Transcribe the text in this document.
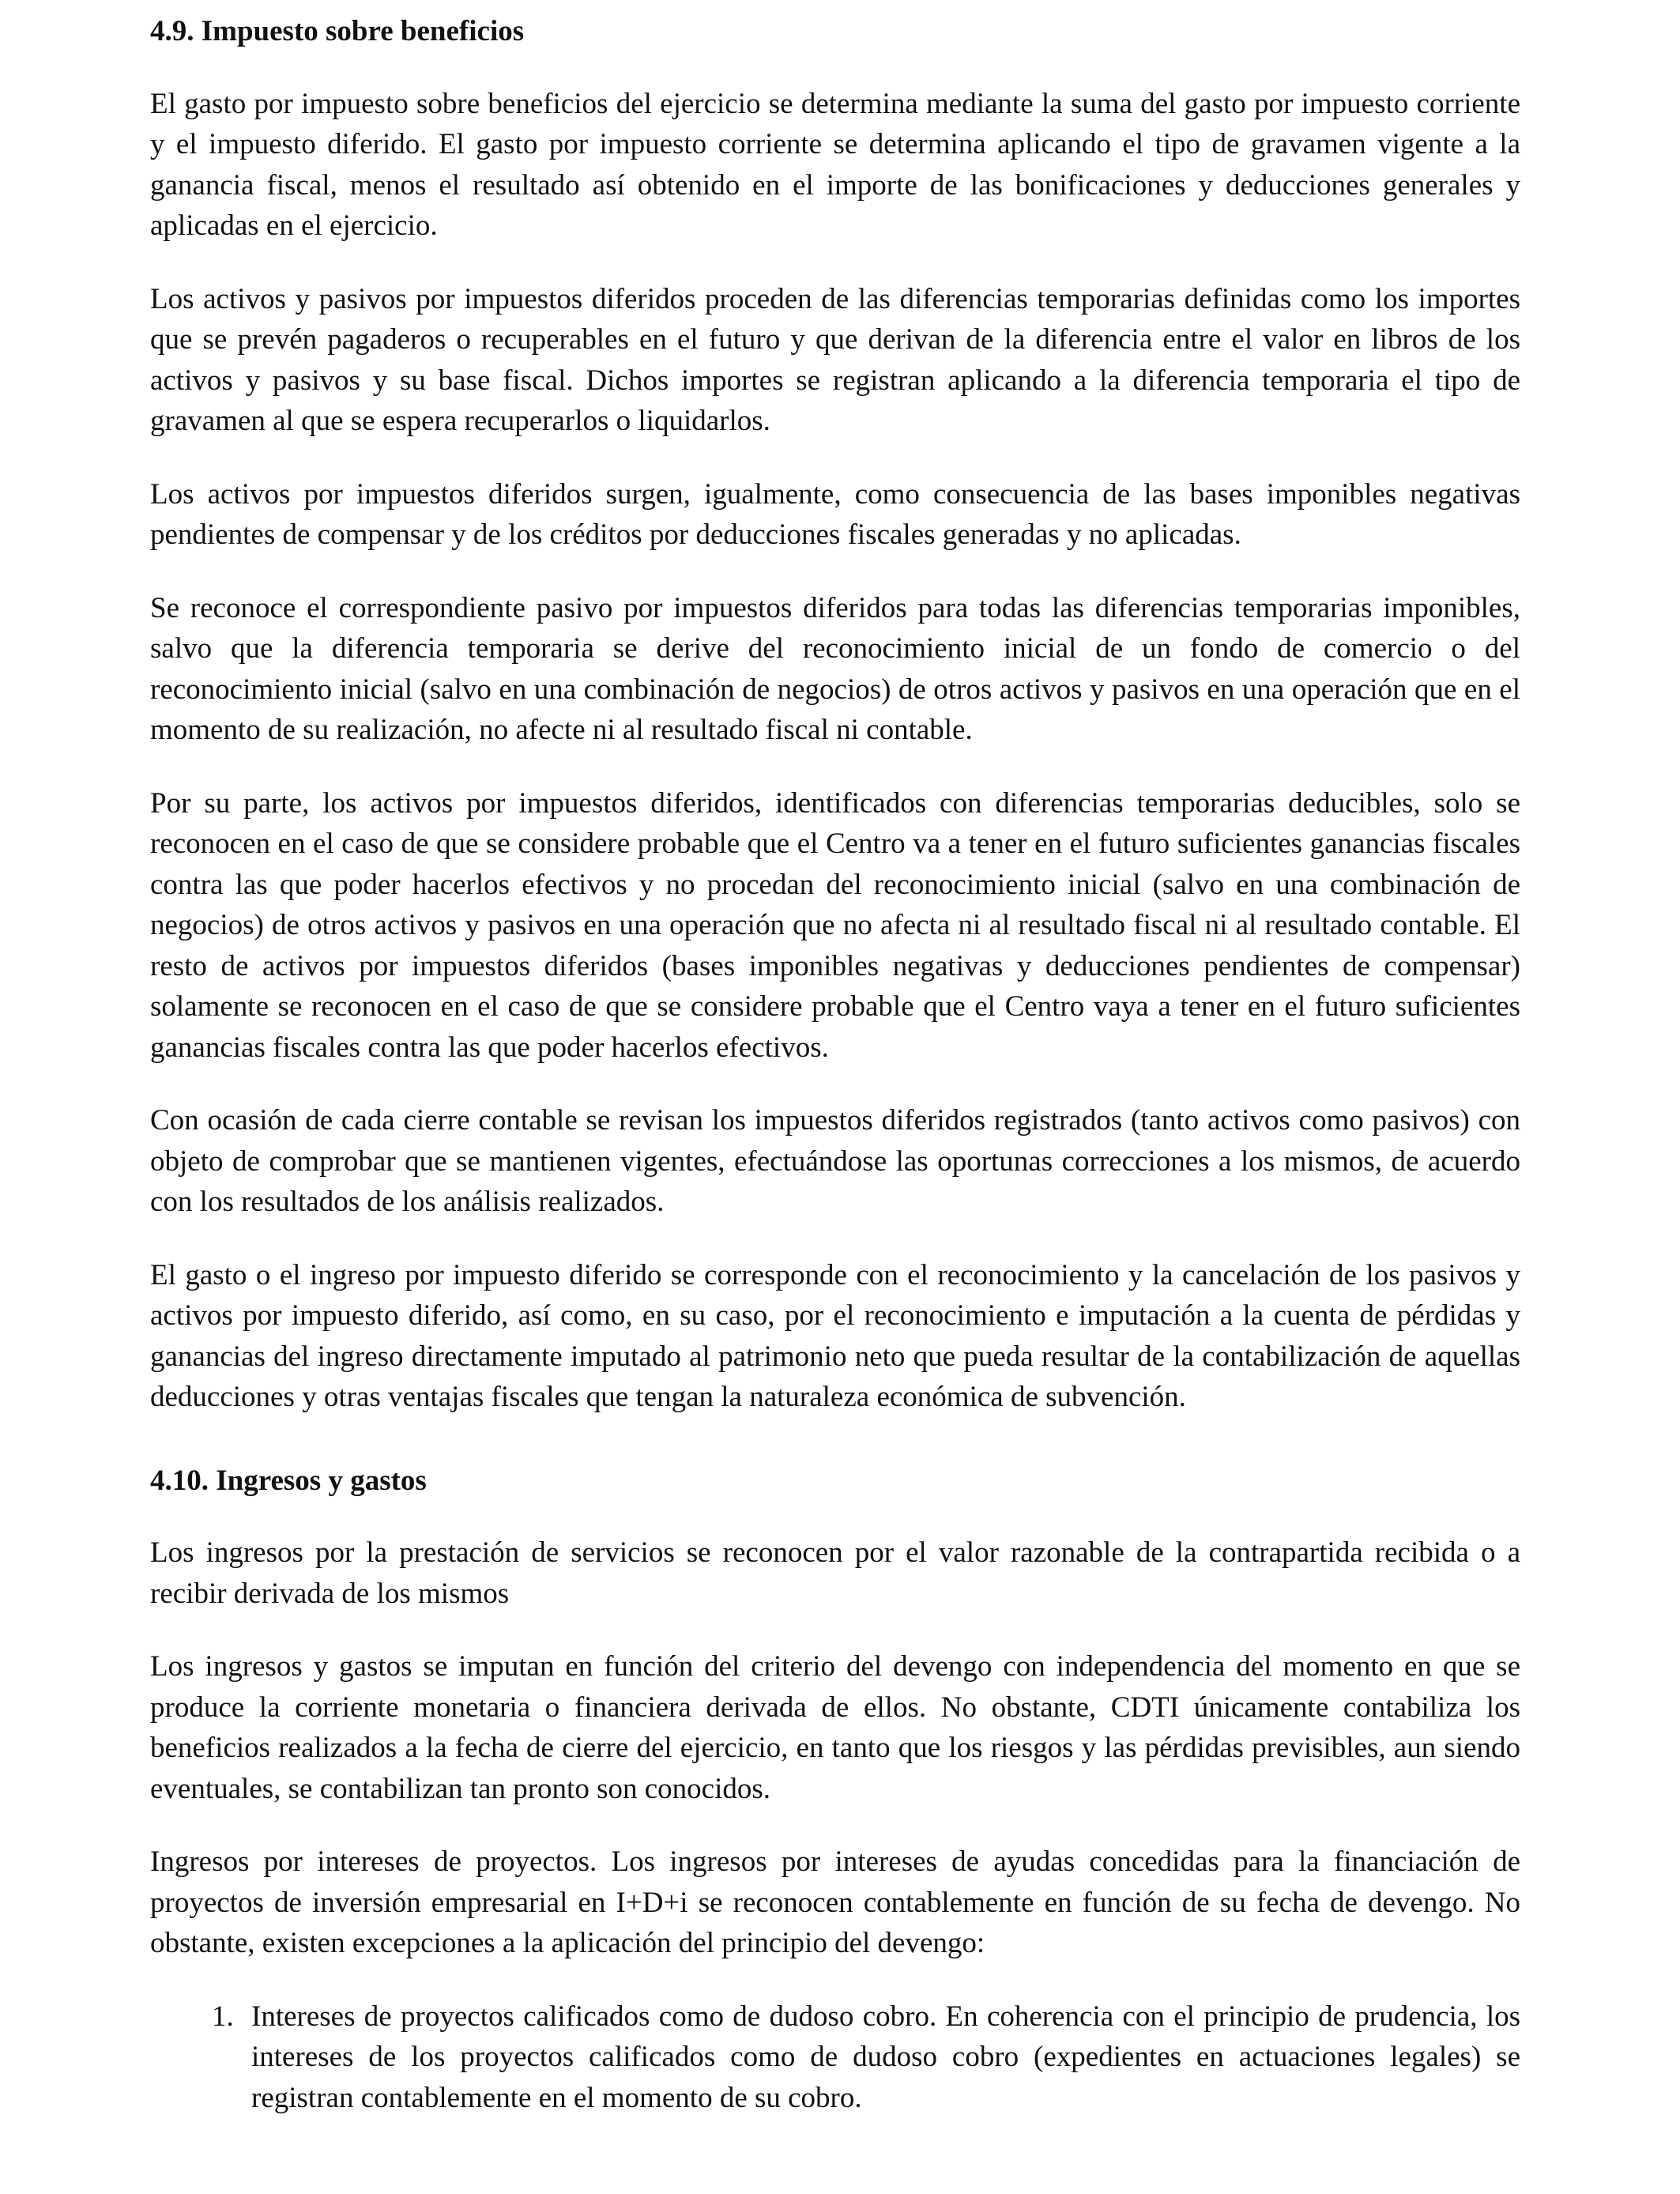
4.9. Impuesto sobre beneficios

El gasto por impuesto sobre beneficios del ejercicio se determina mediante la suma del gasto por impuesto corriente y el impuesto diferido. El gasto por impuesto corriente se determina aplicando el tipo de gravamen vigente a la ganancia fiscal, menos el resultado así obtenido en el importe de las bonificaciones y deducciones generales y aplicadas en el ejercicio.

Los activos y pasivos por impuestos diferidos proceden de las diferencias temporarias definidas como los importes que se prevén pagaderos o recuperables en el futuro y que derivan de la diferencia entre el valor en libros de los activos y pasivos y su base fiscal. Dichos importes se registran aplicando a la diferencia temporaria el tipo de gravamen al que se espera recuperarlos o liquidarlos.

Los activos por impuestos diferidos surgen, igualmente, como consecuencia de las bases imponibles negativas pendientes de compensar y de los créditos por deducciones fiscales generadas y no aplicadas.

Se reconoce el correspondiente pasivo por impuestos diferidos para todas las diferencias temporarias imponibles, salvo que la diferencia temporaria se derive del reconocimiento inicial de un fondo de comercio o del reconocimiento inicial (salvo en una combinación de negocios) de otros activos y pasivos en una operación que en el momento de su realización, no afecte ni al resultado fiscal ni contable.

Por su parte, los activos por impuestos diferidos, identificados con diferencias temporarias deducibles, solo se reconocen en el caso de que se considere probable que el Centro va a tener en el futuro suficientes ganancias fiscales contra las que poder hacerlos efectivos y no procedan del reconocimiento inicial (salvo en una combinación de negocios) de otros activos y pasivos en una operación que no afecta ni al resultado fiscal ni al resultado contable. El resto de activos por impuestos diferidos (bases imponibles negativas y deducciones pendientes de compensar) solamente se reconocen en el caso de que se considere probable que el Centro vaya a tener en el futuro suficientes ganancias fiscales contra las que poder hacerlos efectivos.

Con ocasión de cada cierre contable se revisan los impuestos diferidos registrados (tanto activos como pasivos) con objeto de comprobar que se mantienen vigentes, efectuándose las oportunas correcciones a los mismos, de acuerdo con los resultados de los análisis realizados.

El gasto o el ingreso por impuesto diferido se corresponde con el reconocimiento y la cancelación de los pasivos y activos por impuesto diferido, así como, en su caso, por el reconocimiento e imputación a la cuenta de pérdidas y ganancias del ingreso directamente imputado al patrimonio neto que pueda resultar de la contabilización de aquellas deducciones y otras ventajas fiscales que tengan la naturaleza económica de subvención.

4.10. Ingresos y gastos

Los ingresos por la prestación de servicios se reconocen por el valor razonable de la contrapartida recibida o a recibir derivada de los mismos

Los ingresos y gastos se imputan en función del criterio del devengo con independencia del momento en que se produce la corriente monetaria o financiera derivada de ellos. No obstante, CDTI únicamente contabiliza los beneficios realizados a la fecha de cierre del ejercicio, en tanto que los riesgos y las pérdidas previsibles, aun siendo eventuales, se contabilizan tan pronto son conocidos.

Ingresos por intereses de proyectos. Los ingresos por intereses de ayudas concedidas para la financiación de proyectos de inversión empresarial en I+D+i se reconocen contablemente en función de su fecha de devengo. No obstante, existen excepciones a la aplicación del principio del devengo:

1. Intereses de proyectos calificados como de dudoso cobro. En coherencia con el principio de prudencia, los intereses de los proyectos calificados como de dudoso cobro (expedientes en actuaciones legales) se registran contablemente en el momento de su cobro.
